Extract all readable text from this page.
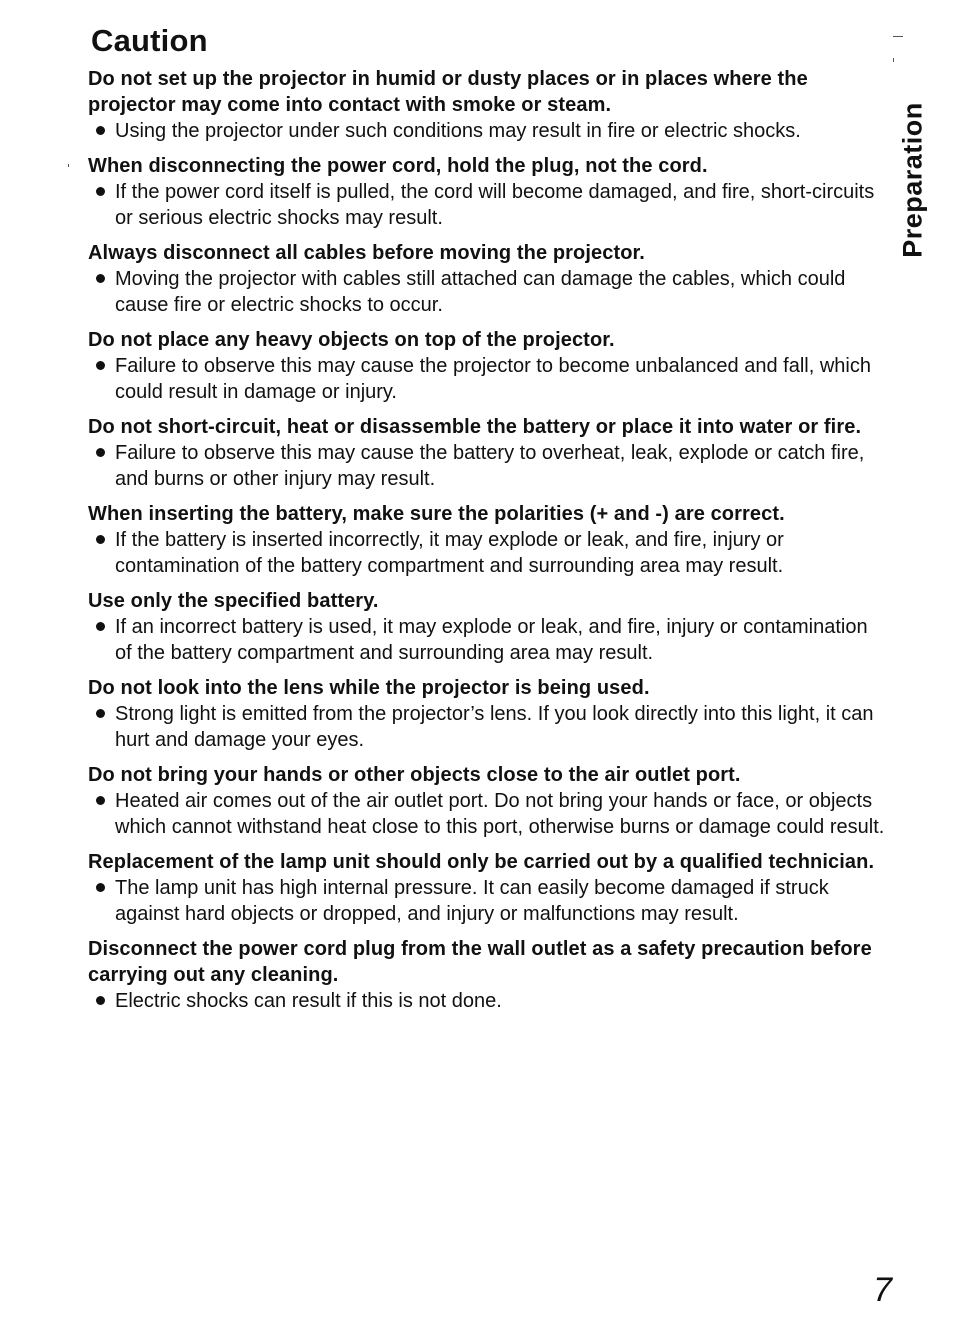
Caution

Do not set up the projector in humid or dusty places or in places where the projector may come into contact with smoke or steam.

Using the projector under such conditions may result in fire or electric shocks.

When disconnecting the power cord, hold the plug, not the cord.

If the power cord itself is pulled, the cord will become damaged, and fire, short-circuits or serious electric shocks may result.

Always disconnect all cables before moving the projector.

Moving the projector with cables still attached can damage the cables, which could cause fire or electric shocks to occur.

Do not place any heavy objects on top of the projector.

Failure to observe this may cause the projector to become unbalanced and fall, which could result in damage or injury.

Do not short-circuit, heat or disassemble the battery or place it into water or fire.

Failure to observe this may cause the battery to overheat, leak, explode or catch fire, and burns or other injury may result.

When inserting the battery, make sure the polarities (+ and -) are correct.

If the battery is inserted incorrectly, it may explode or leak, and fire, injury or contamination of the battery compartment and surrounding area may result.

Use only the specified battery.

If an incorrect battery is used, it may explode or leak, and fire, injury or contamination of the battery compartment and surrounding area may result.

Do not look into the lens while the projector is being used.

Strong light is emitted from the projector’s lens. If you look directly into this light, it can hurt and damage your eyes.

Do not bring your hands or other objects close to the air outlet port.

Heated air comes out of the air outlet port. Do not bring your hands or face, or objects which cannot withstand heat close to this port, otherwise burns or damage could result.

Replacement of the lamp unit should only be carried out by a qualified technician.

The lamp unit has high internal pressure. It can easily become damaged if struck against hard objects or dropped, and injury or malfunctions may result.

Disconnect the power cord plug from the wall outlet as a safety precaution before carrying out any cleaning.

Electric shocks can result if this is not done.

Preparation
7
